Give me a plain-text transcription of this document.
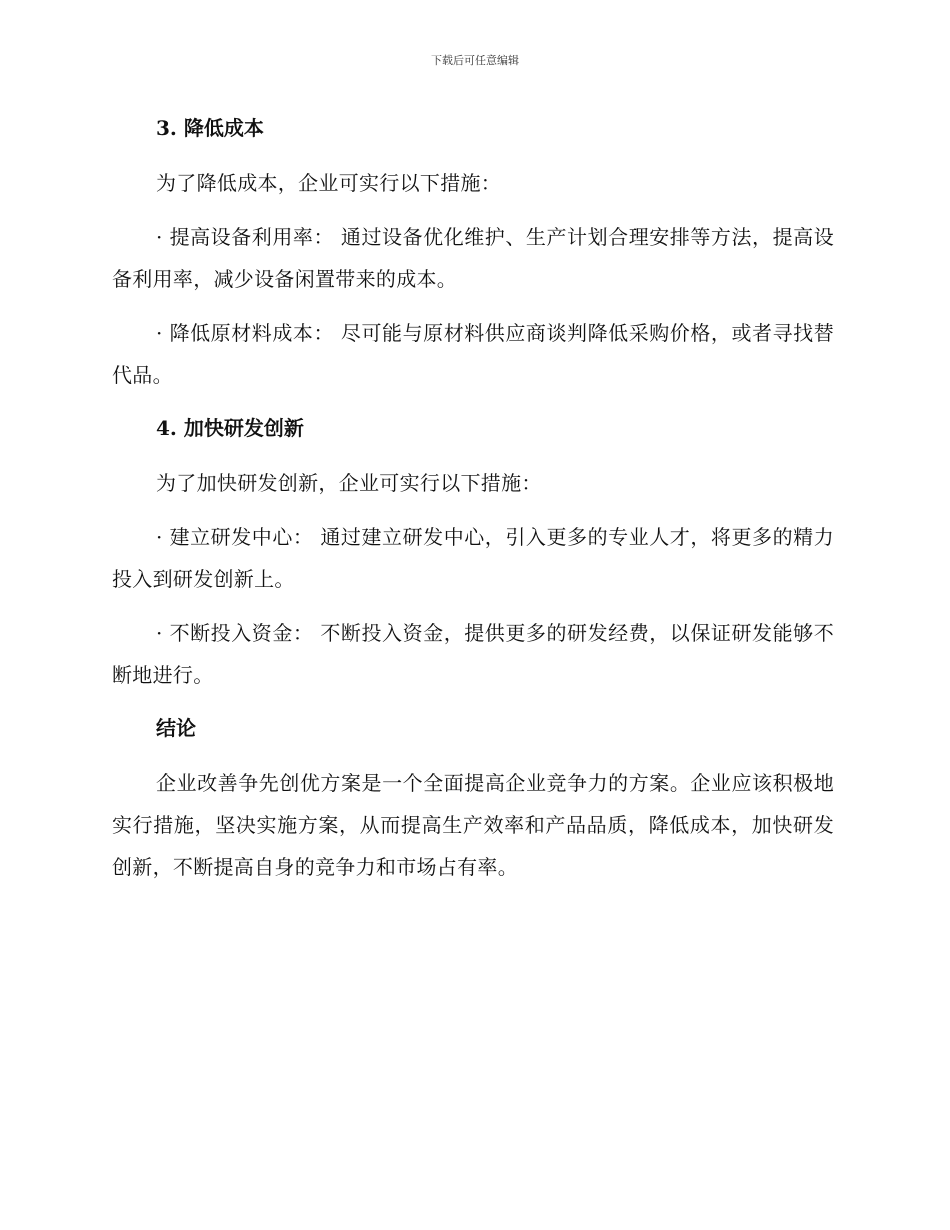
下载后可任意编辑
3. 降低成本

为了降低成本，企业可实行以下措施：

· 提高设备利用率： 通过设备优化维护、生产计划合理安排等方法，提高设备利用率，减少设备闲置带来的成本。

· 降低原材料成本： 尽可能与原材料供应商谈判降低采购价格，或者寻找替代品。

4. 加快研发创新

为了加快研发创新，企业可实行以下措施：

· 建立研发中心： 通过建立研发中心，引入更多的专业人才，将更多的精力投入到研发创新上。

· 不断投入资金： 不断投入资金，提供更多的研发经费，以保证研发能够不断地进行。

结论

企业改善争先创优方案是一个全面提高企业竞争力的方案。企业应该积极地实行措施，坚决实施方案，从而提高生产效率和产品品质，降低成本，加快研发创新，不断提高自身的竞争力和市场占有率。
